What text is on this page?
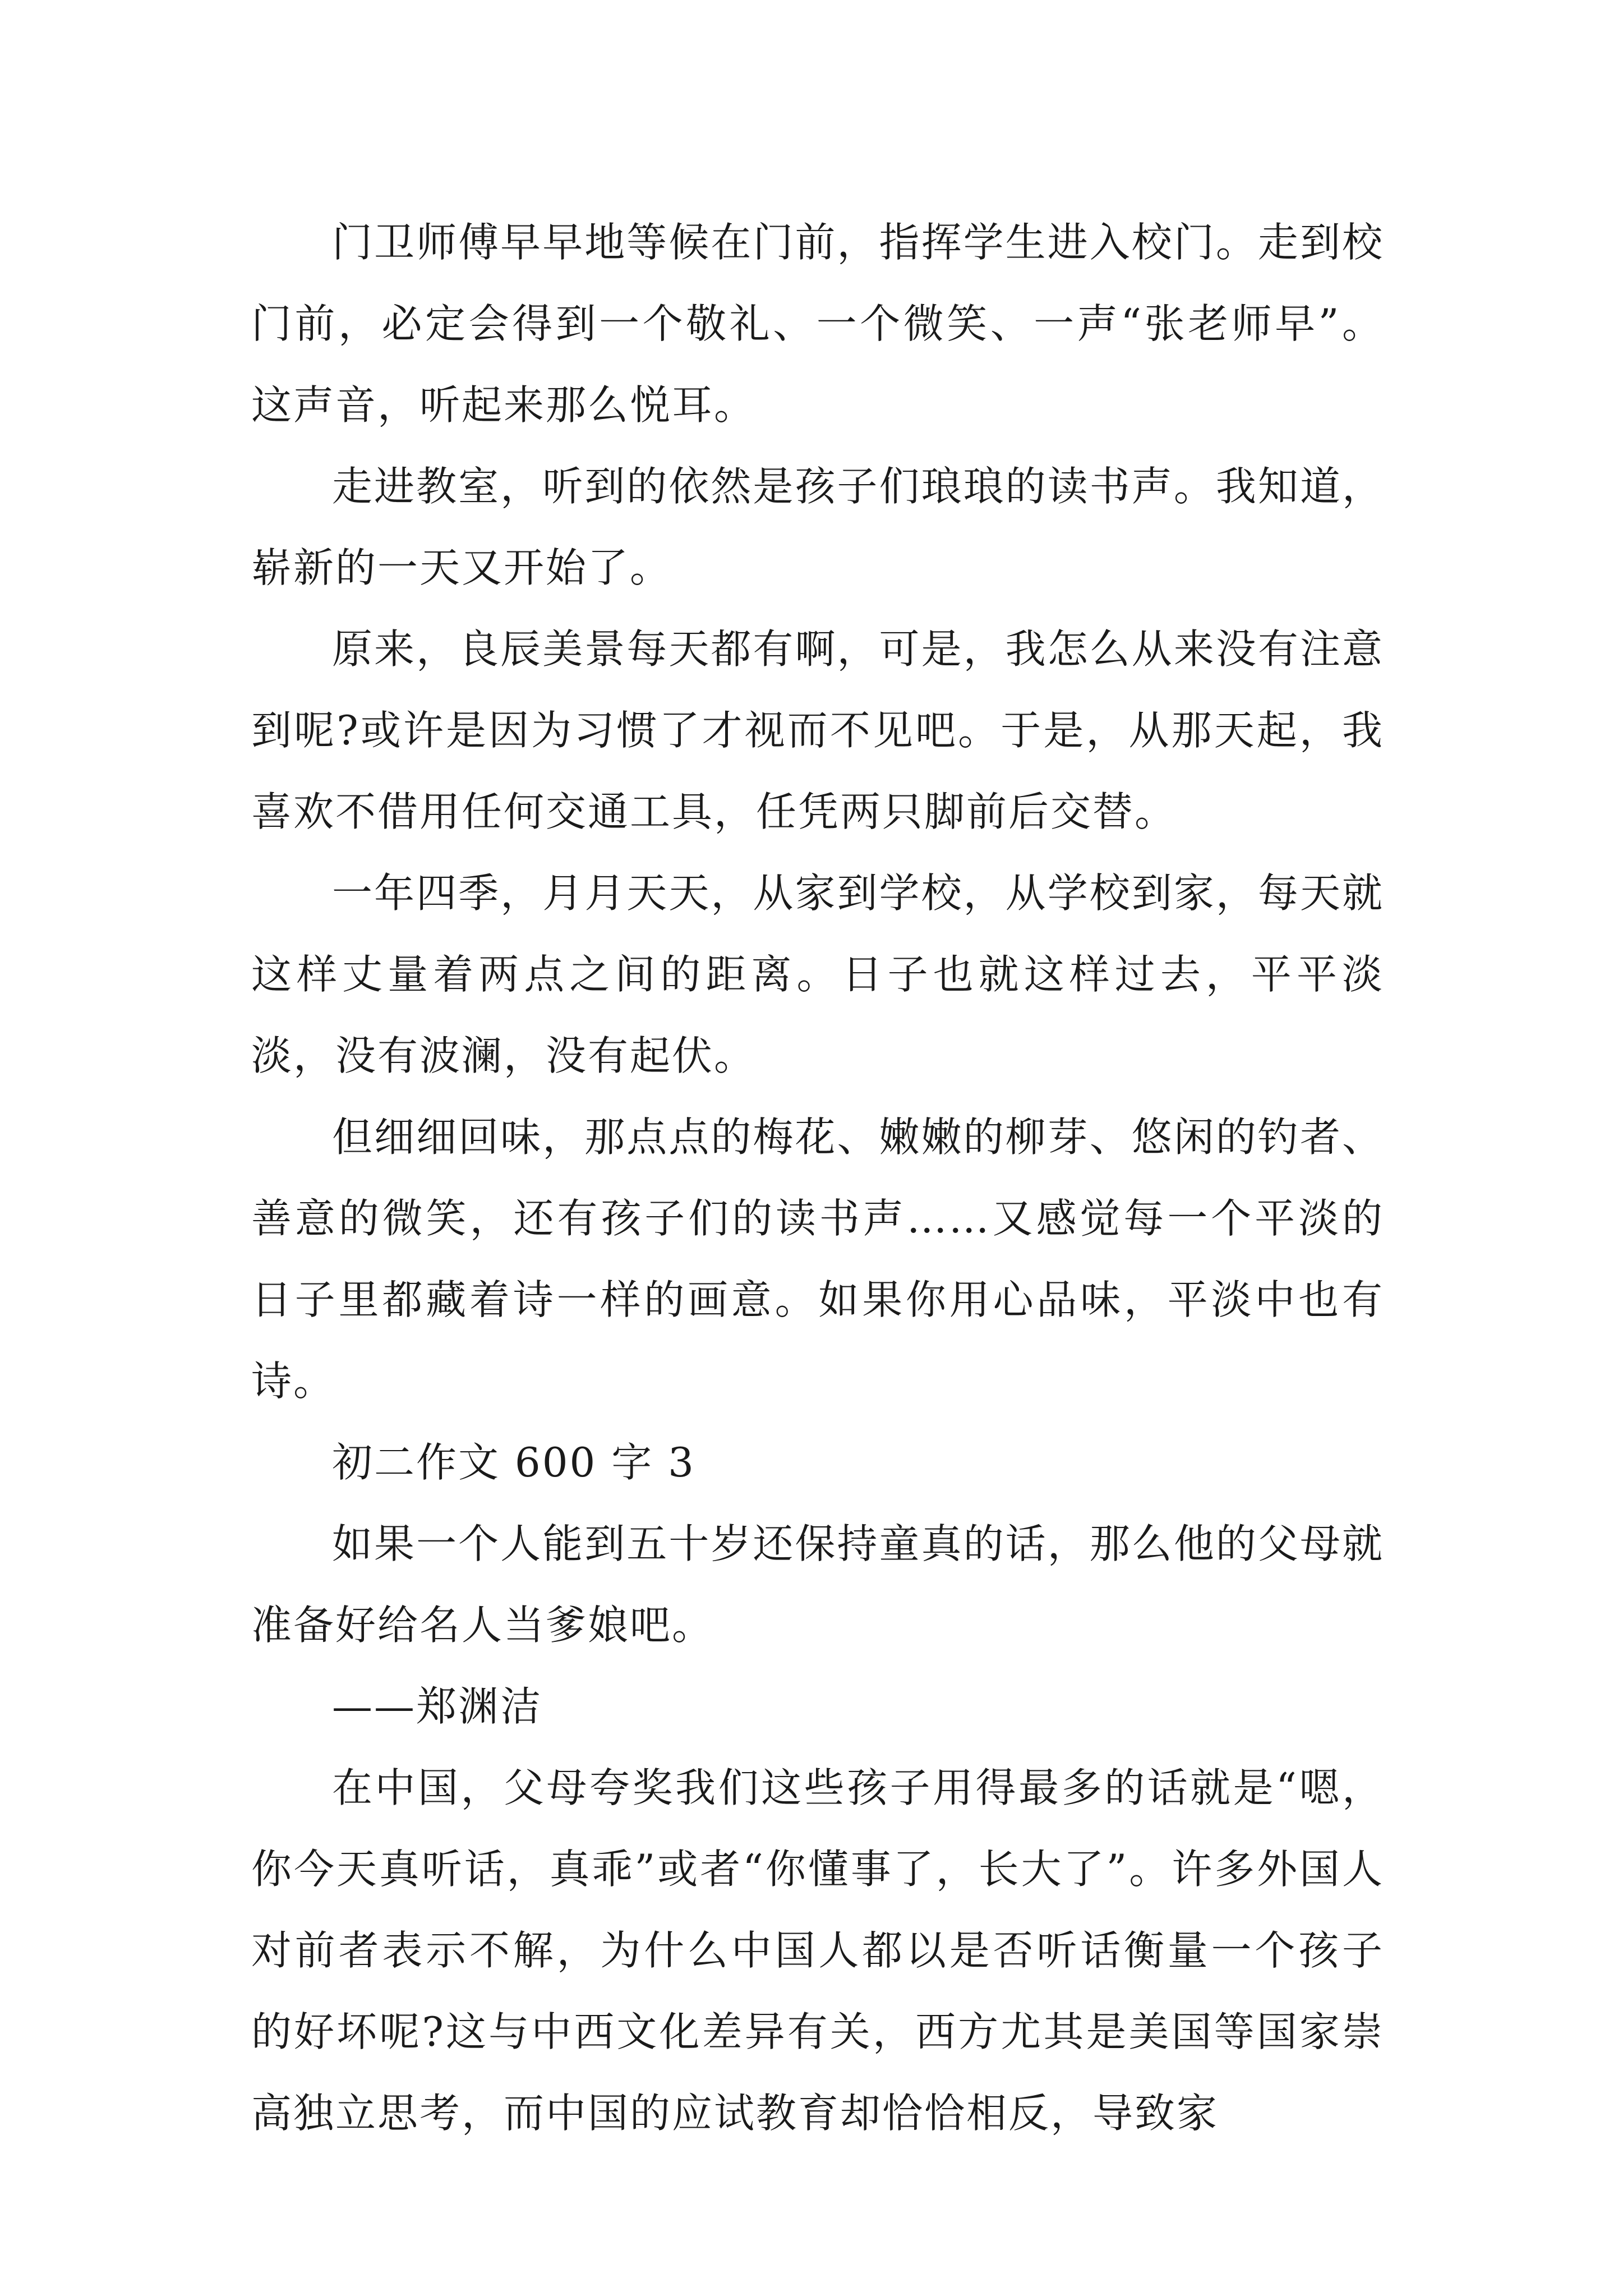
门卫师傅早早地等候在门前，指挥学生进入校门。走到校门前，必定会得到一个敬礼、一个微笑、一声“张老师早”。这声音，听起来那么悦耳。

走进教室，听到的依然是孩子们琅琅的读书声。我知道，崭新的一天又开始了。

原来，良辰美景每天都有啊，可是，我怎么从来没有注意到呢?或许是因为习惯了才视而不见吧。于是，从那天起，我喜欢不借用任何交通工具，任凭两只脚前后交替。

一年四季，月月天天，从家到学校，从学校到家，每天就这样丈量着两点之间的距离。日子也就这样过去，平平淡淡，没有波澜，没有起伏。

但细细回味，那点点的梅花、嫩嫩的柳芽、悠闲的钓者、善意的微笑，还有孩子们的读书声……又感觉每一个平淡的日子里都藏着诗一样的画意。如果你用心品味，平淡中也有诗。

初二作文 600 字 3

如果一个人能到五十岁还保持童真的话，那么他的父母就准备好给名人当爹娘吧。

——郑渊洁

在中国，父母夸奖我们这些孩子用得最多的话就是“嗯，你今天真听话，真乖”或者“你懂事了，长大了”。许多外国人对前者表示不解，为什么中国人都以是否听话衡量一个孩子的好坏呢?这与中西文化差异有关，西方尤其是美国等国家崇高独立思考，而中国的应试教育却恰恰相反，导致家
